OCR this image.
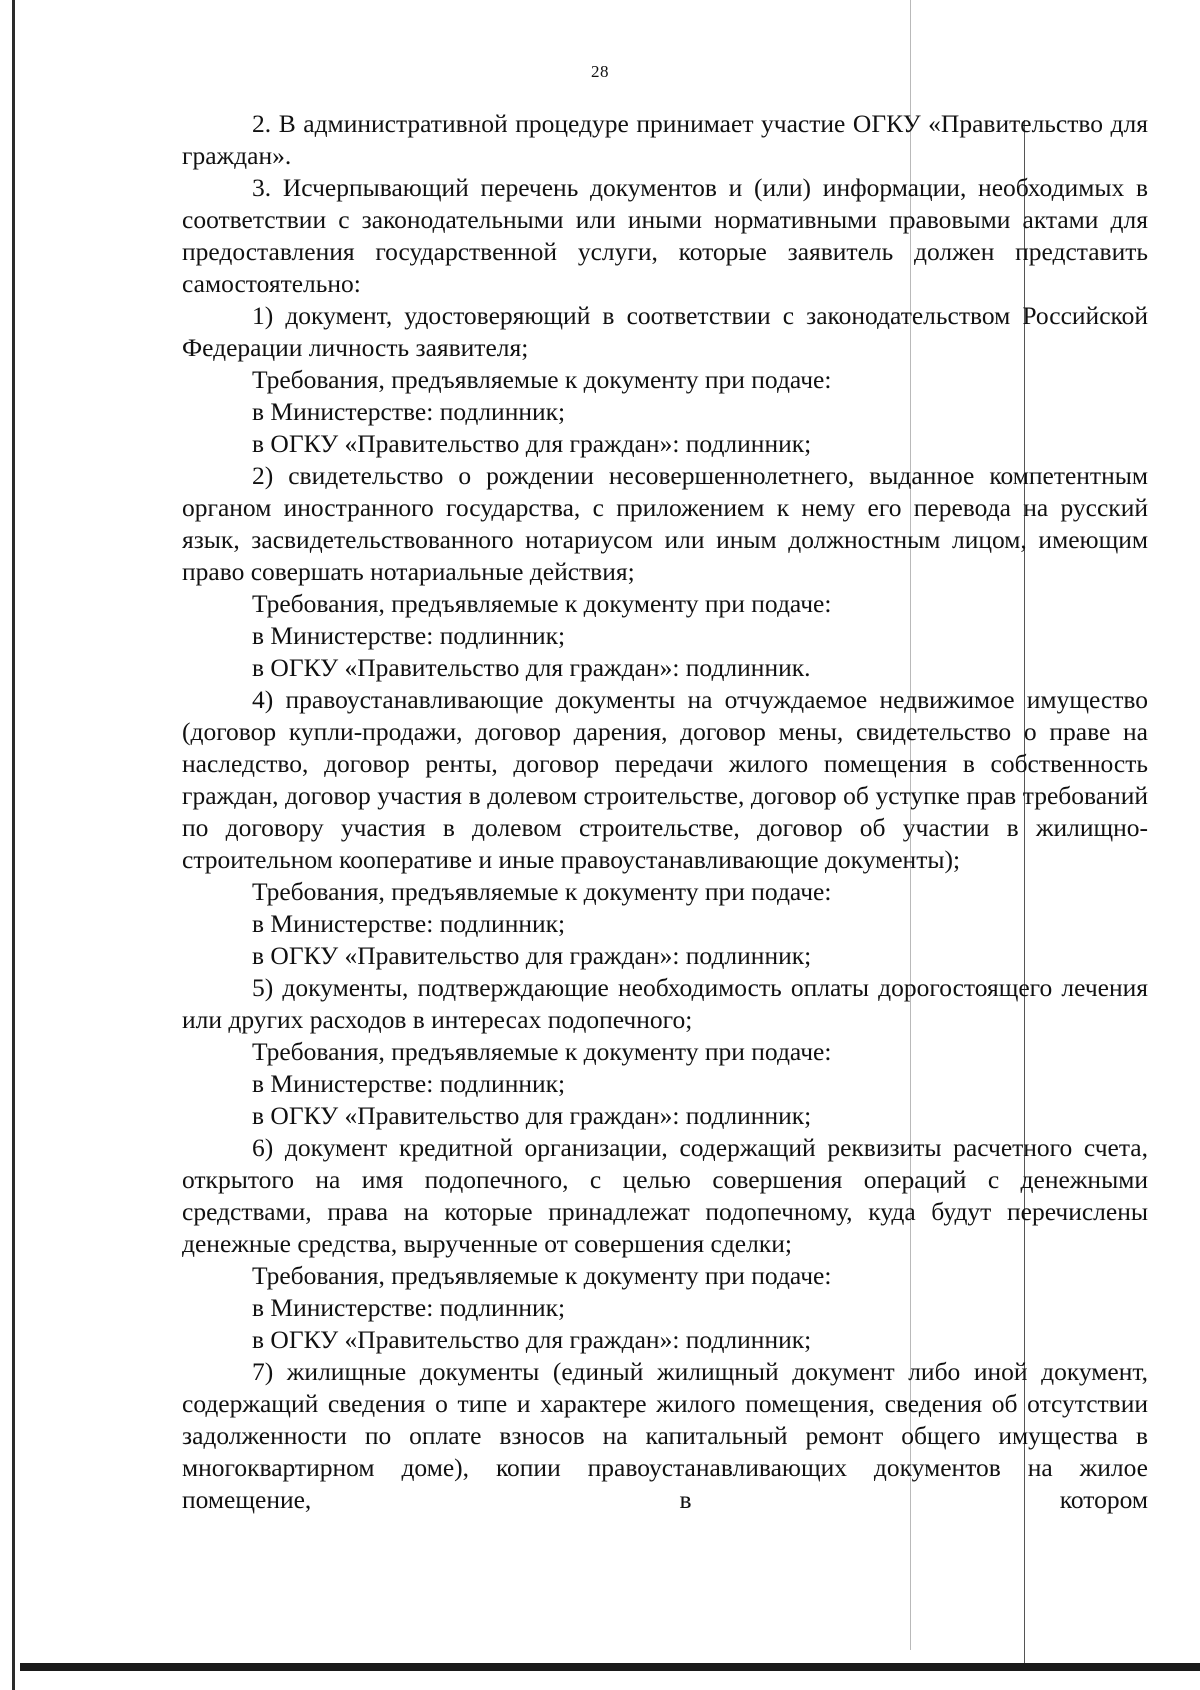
28

2. В административной процедуре принимает участие ОГКУ «Правительство для граждан».

3. Исчерпывающий перечень документов и (или) информации, необходимых в соответствии с законодательными или иными нормативными правовыми актами для предоставления государственной услуги, которые заявитель должен представить самостоятельно:

1) документ, удостоверяющий в соответствии с законодательством Российской Федерации личность заявителя;

Требования, предъявляемые к документу при подаче:

в Министерстве: подлинник;

в ОГКУ «Правительство для граждан»: подлинник;

2) свидетельство о рождении несовершеннолетнего, выданное компетентным органом иностранного государства, с приложением к нему его перевода на русский язык, засвидетельствованного нотариусом или иным должностным лицом, имеющим право совершать нотариальные действия;

Требования, предъявляемые к документу при подаче:

в Министерстве: подлинник;

в ОГКУ «Правительство для граждан»: подлинник.

4) правоустанавливающие документы на отчуждаемое недвижимое имущество (договор купли-продажи, договор дарения, договор мены, свидетельство о праве на наследство, договор ренты, договор передачи жилого помещения в собственность граждан, договор участия в долевом строительстве, договор об уступке прав требований по договору участия в долевом строительстве, договор об участии в жилищно-строительном кооперативе и иные правоустанавливающие документы);

Требования, предъявляемые к документу при подаче:

в Министерстве: подлинник;

в ОГКУ «Правительство для граждан»: подлинник;

5) документы, подтверждающие необходимость оплаты дорогостоящего лечения или других расходов в интересах подопечного;

Требования, предъявляемые к документу при подаче:

в Министерстве: подлинник;

в ОГКУ «Правительство для граждан»: подлинник;

6) документ кредитной организации, содержащий реквизиты расчетного счета, открытого на имя подопечного, с целью совершения операций с денежными средствами, права на которые принадлежат подопечному, куда будут перечислены денежные средства, вырученные от совершения сделки;

Требования, предъявляемые к документу при подаче:

в Министерстве: подлинник;

в ОГКУ «Правительство для граждан»: подлинник;

7) жилищные документы (единый жилищный документ либо иной документ, содержащий сведения о типе и характере жилого помещения, сведения об отсутствии задолженности по оплате взносов на капитальный ремонт общего имущества в многоквартирном доме), копии правоустанавливающих документов на жилое помещение, в котором
